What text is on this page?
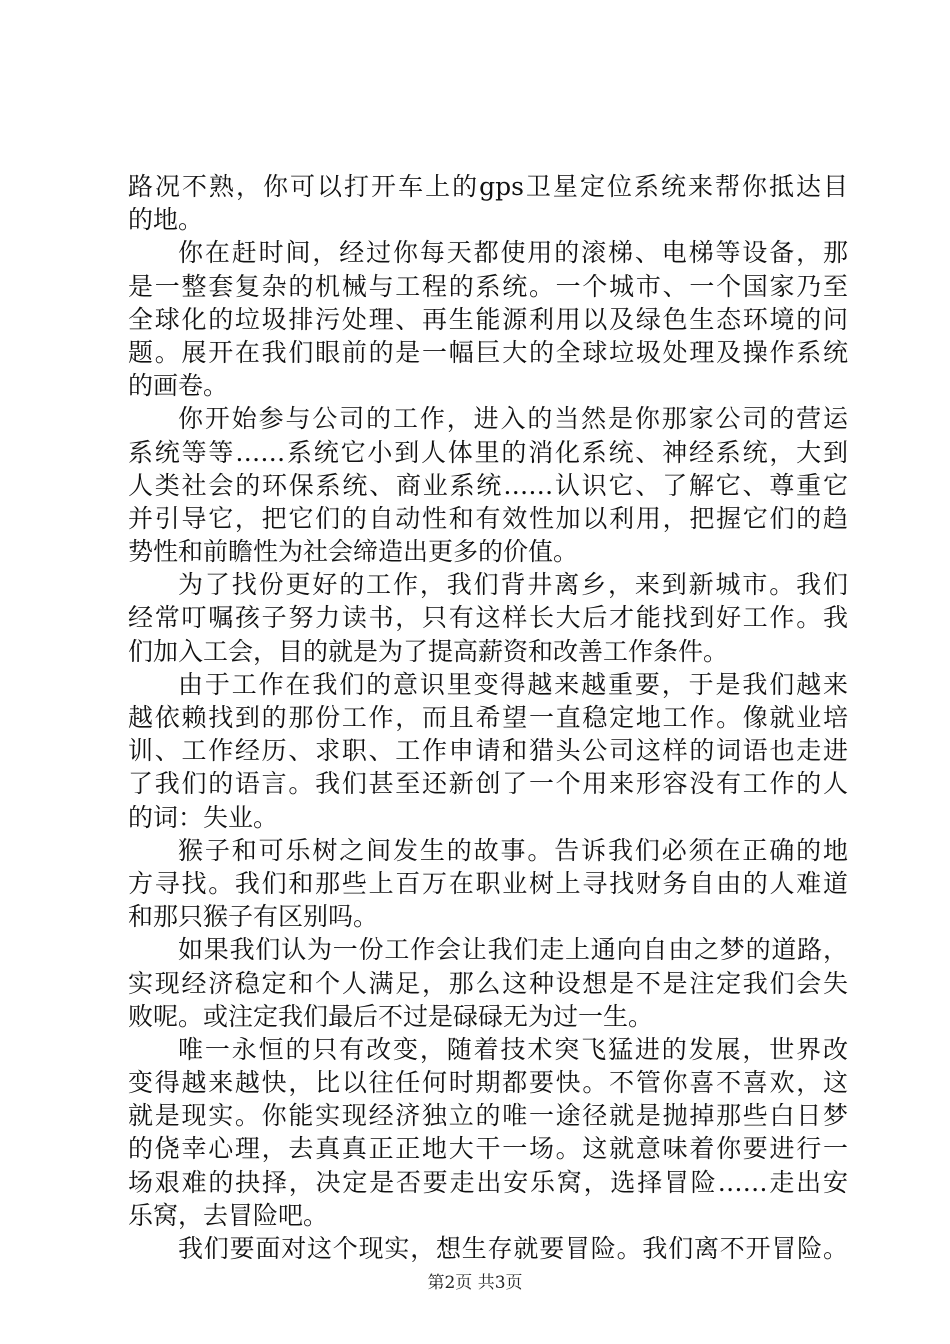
路况不熟，你可以打开车上的gps卫星定位系统来帮你抵达目
的地。
你在赶时间，经过你每天都使用的滚梯、电梯等设备，那
是一整套复杂的机械与工程的系统。一个城市、一个国家乃至
全球化的垃圾排污处理、再生能源利用以及绿色生态环境的问
题。展开在我们眼前的是一幅巨大的全球垃圾处理及操作系统
的画卷。
你开始参与公司的工作，进入的当然是你那家公司的营运
系统等等……系统它小到人体里的消化系统、神经系统，大到
人类社会的环保系统、商业系统……认识它、了解它、尊重它
并引导它，把它们的自动性和有效性加以利用，把握它们的趋
势性和前瞻性为社会缔造出更多的价值。
为了找份更好的工作，我们背井离乡，来到新城市。我们
经常叮嘱孩子努力读书，只有这样长大后才能找到好工作。我
们加入工会，目的就是为了提高薪资和改善工作条件。
由于工作在我们的意识里变得越来越重要，于是我们越来
越依赖找到的那份工作，而且希望一直稳定地工作。像就业培
训、工作经历、求职、工作申请和猎头公司这样的词语也走进
了我们的语言。我们甚至还新创了一个用来形容没有工作的人
的词：失业。
猴子和可乐树之间发生的故事。告诉我们必须在正确的地
方寻找。我们和那些上百万在职业树上寻找财务自由的人难道
和那只猴子有区别吗。
如果我们认为一份工作会让我们走上通向自由之梦的道路，
实现经济稳定和个人满足，那么这种设想是不是注定我们会失
败呢。或注定我们最后不过是碌碌无为过一生。
唯一永恒的只有改变，随着技术突飞猛进的发展，世界改
变得越来越快，比以往任何时期都要快。不管你喜不喜欢，这
就是现实。你能实现经济独立的唯一途径就是抛掉那些白日梦
的侥幸心理，去真真正正地大干一场。这就意味着你要进行一
场艰难的抉择，决定是否要走出安乐窝，选择冒险……走出安
乐窝，去冒险吧。
我们要面对这个现实，想生存就要冒险。我们离不开冒险。
第2页 共3页
